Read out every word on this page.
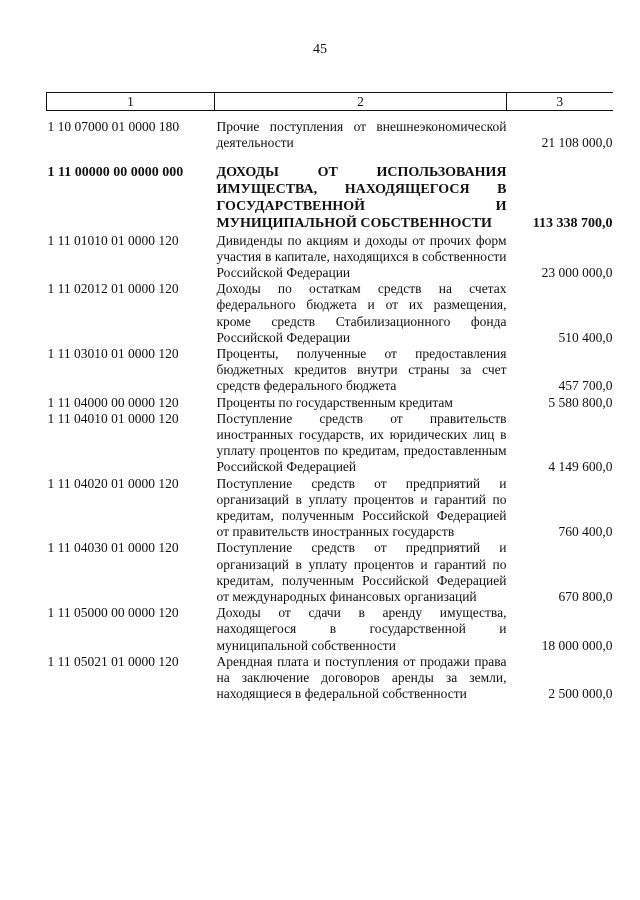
45
1	2	3
1 10 07000 01 0000 180	Прочие поступления от внешнеэкономической деятельности	21 108 000,0
1 11 00000 00 0000 000	ДОХОДЫ ОТ ИСПОЛЬЗОВАНИЯ ИМУЩЕСТВА, НАХОДЯЩЕГОСЯ В ГОСУДАРСТВЕННОЙ И МУНИЦИПАЛЬНОЙ СОБСТВЕННОСТИ	113 338 700,0
1 11 01010 01 0000 120	Дивиденды по акциям и доходы от прочих форм участия в капитале, находящихся в собственности Российской Федерации	23 000 000,0
1 11 02012 01 0000 120	Доходы по остаткам средств на счетах федерального бюджета и от их размещения, кроме средств Стабилизационного фонда Российской Федерации	510 400,0
1 11 03010 01 0000 120	Проценты, полученные от предоставления бюджетных кредитов внутри страны за счет средств федерального бюджета	457 700,0
1 11 04000 00 0000 120	Проценты по государственным кредитам	5 580 800,0
1 11 04010 01 0000 120	Поступление средств от правительств иностранных государств, их юридических лиц в уплату процентов по кредитам, предоставленным Российской Федерацией	4 149 600,0
1 11 04020 01 0000 120	Поступление средств от предприятий и организаций в уплату процентов и гарантий по кредитам, полученным Российской Федерацией от правительств иностранных государств	760 400,0
1 11 04030 01 0000 120	Поступление средств от предприятий и организаций в уплату процентов и гарантий по кредитам, полученным Российской Федерацией от международных финансовых организаций	670 800,0
1 11 05000 00 0000 120	Доходы от сдачи в аренду имущества, находящегося в государственной и муниципальной собственности	18 000 000,0
1 11 05021 01 0000 120	Арендная плата и поступления от продажи права на заключение договоров аренды за земли, находящиеся в федеральной собственности	2 500 000,0
